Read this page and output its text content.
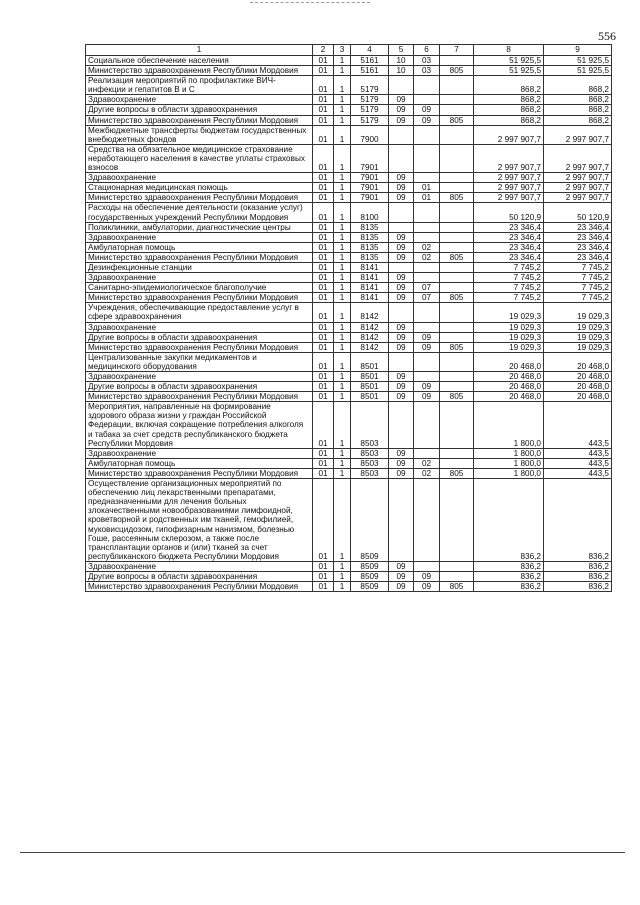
556
1	2	3	4	5	6	7	8	9
Социальное обеспечение населения	01	1	5161	10	03		51 925,5	51 925,5
Министерство здравоохранения Республики Мордовия	01	1	5161	10	03	805	51 925,5	51 925,5
Реализация мероприятий по профилактике ВИЧ-инфекции и гепатитов В и С	01	1	5179				868,2	868,2
Здравоохранение	01	1	5179	09			868,2	868,2
Другие вопросы в области здравоохранения	01	1	5179	09	09		868,2	868,2
Министерство здравоохранения Республики Мордовия	01	1	5179	09	09	805	868,2	868,2
Межбюджетные трансферты бюджетам государственных внебюджетных фондов	01	1	7900				2 997 907,7	2 997 907,7
Средства на обязательное медицинское страхование неработающего населения в качестве уплаты страховых взносов	01	1	7901				2 997 907,7	2 997 907,7
Здравоохранение	01	1	7901	09			2 997 907,7	2 997 907,7
Стационарная медицинская помощь	01	1	7901	09	01		2 997 907,7	2 997 907,7
Министерство здравоохранения Республики Мордовия	01	1	7901	09	01	805	2 997 907,7	2 997 907,7
Расходы на обеспечение деятельности (оказание услуг) государственных учреждений Республики Мордовия	01	1	8100				50 120,9	50 120,9
Поликлиники, амбулатории, диагностические центры	01	1	8135				23 346,4	23 346,4
Здравоохранение	01	1	8135	09			23 346,4	23 346,4
Амбулаторная помощь	01	1	8135	09	02		23 346,4	23 346,4
Министерство здравоохранения Республики Мордовия	01	1	8135	09	02	805	23 346,4	23 346,4
Дезинфекционные станции	01	1	8141				7 745,2	7 745,2
Здравоохранение	01	1	8141	09			7 745,2	7 745,2
Санитарно-эпидемиологическое благополучие	01	1	8141	09	07		7 745,2	7 745,2
Министерство здравоохранения Республики Мордовия	01	1	8141	09	07	805	7 745,2	7 745,2
Учреждения, обеспечивающие предоставление услуг в сфере здравоохранения	01	1	8142				19 029,3	19 029,3
Здравоохранение	01	1	8142	09			19 029,3	19 029,3
Другие вопросы в области здравоохранения	01	1	8142	09	09		19 029,3	19 029,3
Министерство здравоохранения Республики Мордовия	01	1	8142	09	09	805	19 029,3	19 029,3
Централизованные закупки медикаментов и медицинского оборудования	01	1	8501				20 468,0	20 468,0
Здравоохранение	01	1	8501	09			20 468,0	20 468,0
Другие вопросы в области здравоохранения	01	1	8501	09	09		20 468,0	20 468,0
Министерство здравоохранения Республики Мордовия	01	1	8501	09	09	805	20 468,0	20 468,0
Мероприятия, направленные на формирование здорового образа жизни у граждан Российской Федерации, включая сокращение потребления алкоголя и табака за счет средств республиканского бюджета Республики Мордовия	01	1	8503				1 800,0	443,5
Здравоохранение	01	1	8503	09			1 800,0	443,5
Амбулаторная помощь	01	1	8503	09	02		1 800,0	443,5
Министерство здравоохранения Республики Мордовия	01	1	8503	09	02	805	1 800,0	443,5
Осуществление организационных мероприятий по обеспечению лиц лекарственными препаратами, предназначенными для лечения больных злокачественными новообразованиями лимфоидной, кроветворной и родственных им тканей, гемофилией, муковисцидозом, гипофизарным нанизмом, болезнью Гоше, рассеянным склерозом, а также после трансплантации органов и (или) тканей за счет республиканского бюджета Республики Мордовия	01	1	8509				836,2	836,2
Здравоохранение	01	1	8509	09			836,2	836,2
Другие вопросы в области здравоохранения	01	1	8509	09	09		836,2	836,2
Министерство здравоохранения Республики Мордовия	01	1	8509	09	09	805	836,2	836,2
